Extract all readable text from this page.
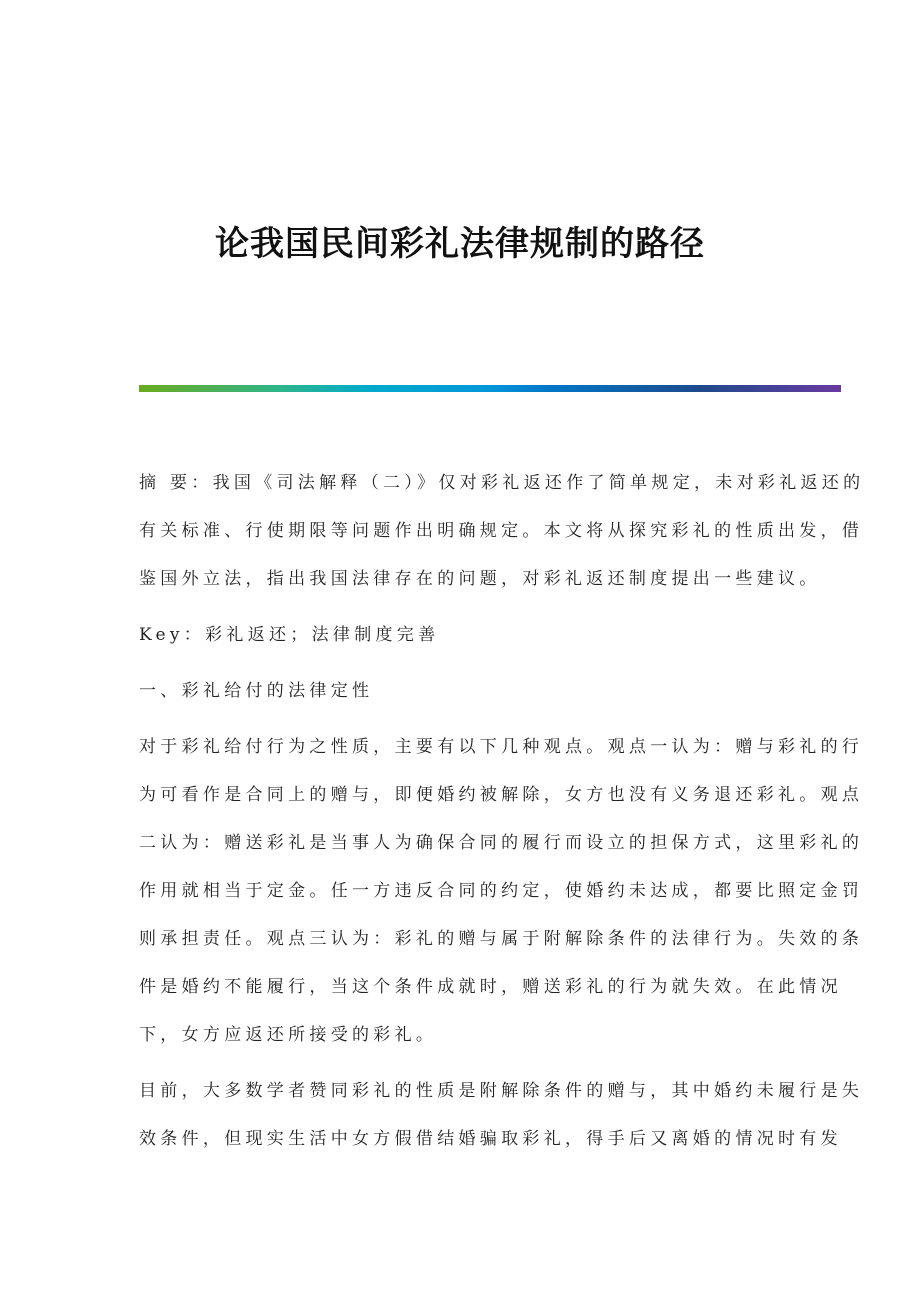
论我国民间彩礼法律规制的路径
摘 要：我国《司法解释（二）》仅对彩礼返还作了简单规定，未对彩礼返还的
有关标准、行使期限等问题作出明确规定。本文将从探究彩礼的性质出发，借
鉴国外立法，指出我国法律存在的问题，对彩礼返还制度提出一些建议。
Key：彩礼返还；法律制度完善
一、彩礼给付的法律定性
对于彩礼给付行为之性质，主要有以下几种观点。观点一认为：赠与彩礼的行
为可看作是合同上的赠与，即便婚约被解除，女方也没有义务退还彩礼。观点
二认为：赠送彩礼是当事人为确保合同的履行而设立的担保方式，这里彩礼的
作用就相当于定金。任一方违反合同的约定，使婚约未达成，都要比照定金罚
则承担责任。观点三认为：彩礼的赠与属于附解除条件的法律行为。失效的条
件是婚约不能履行，当这个条件成就时，赠送彩礼的行为就失效。在此情况
下，女方应返还所接受的彩礼。
目前，大多数学者赞同彩礼的性质是附解除条件的赠与，其中婚约未履行是失
效条件，但现实生活中女方假借结婚骗取彩礼，得手后又离婚的情况时有发
